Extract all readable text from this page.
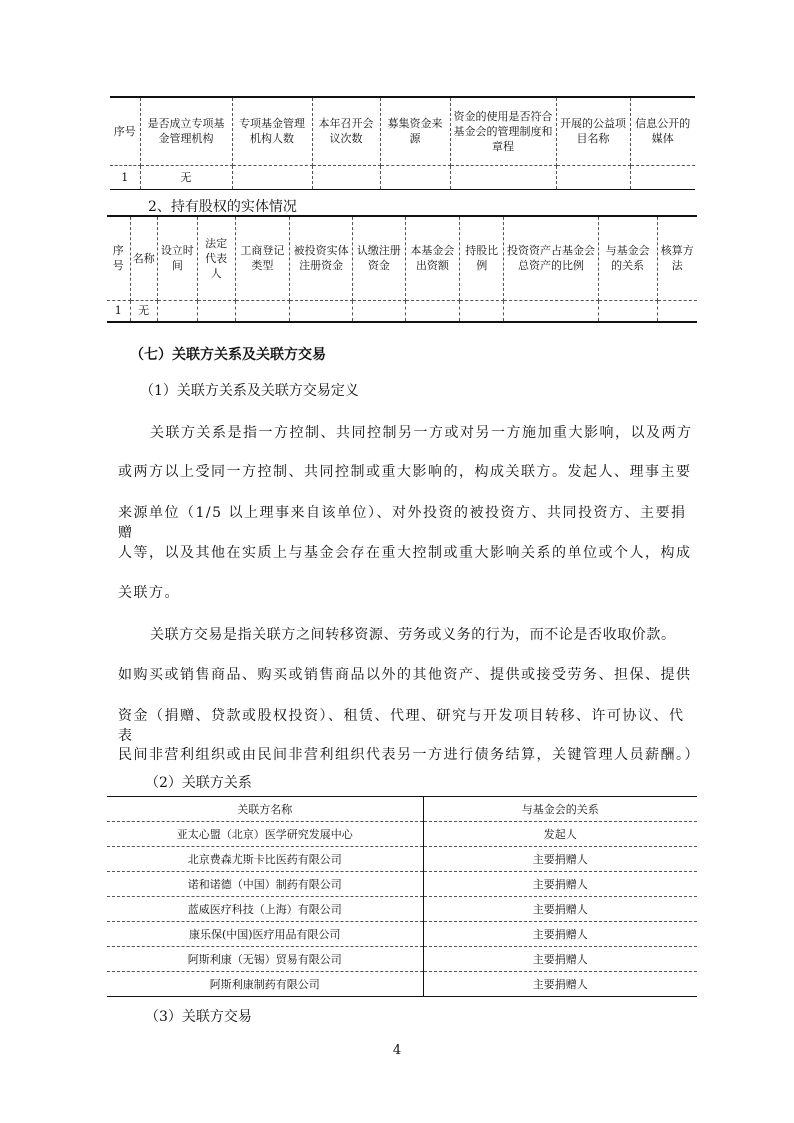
序号	是否成立专项基金管理机构	专项基金管理机构人数	本年召开会议次数	募集资金来源	资金的使用是否符合基金会的管理制度和章程	开展的公益项目名称	信息公开的媒体
1	无						
2、持有股权的实体情况
序号	名称	设立时间	法定代表人	工商登记类型	被投资实体注册资金	认缴注册资金	本基金会出资额	持股比例	投资资产占基金会总资产的比例	与基金会的关系	核算方法
1	无										
（七）关联方关系及关联方交易
（1）关联方关系及关联方交易定义
关联方关系是指一方控制、共同控制另一方或对另一方施加重大影响，以及两方
或两方以上受同一方控制、共同控制或重大影响的，构成关联方。发起人、理事主要
来源单位（1/5 以上理事来自该单位）、对外投资的被投资方、共同投资方、主要捐赠
人等，以及其他在实质上与基金会存在重大控制或重大影响关系的单位或个人，构成
关联方。
关联方交易是指关联方之间转移资源、劳务或义务的行为，而不论是否收取价款。
如购买或销售商品、购买或销售商品以外的其他资产、提供或接受劳务、担保、提供
资金（捐赠、贷款或股权投资）、租赁、代理、研究与开发项目转移、许可协议、代表
民间非营利组织或由民间非营利组织代表另一方进行债务结算，关键管理人员薪酬。）
（2）关联方关系
关联方名称	与基金会的关系
亚太心盟（北京）医学研究发展中心	发起人
北京费森尤斯卡比医药有限公司	主要捐赠人
诺和诺德（中国）制药有限公司	主要捐赠人
蓝威医疗科技（上海）有限公司	主要捐赠人
康乐保(中国)医疗用品有限公司	主要捐赠人
阿斯利康（无锡）贸易有限公司	主要捐赠人
阿斯利康制药有限公司	主要捐赠人
（3）关联方交易
4
